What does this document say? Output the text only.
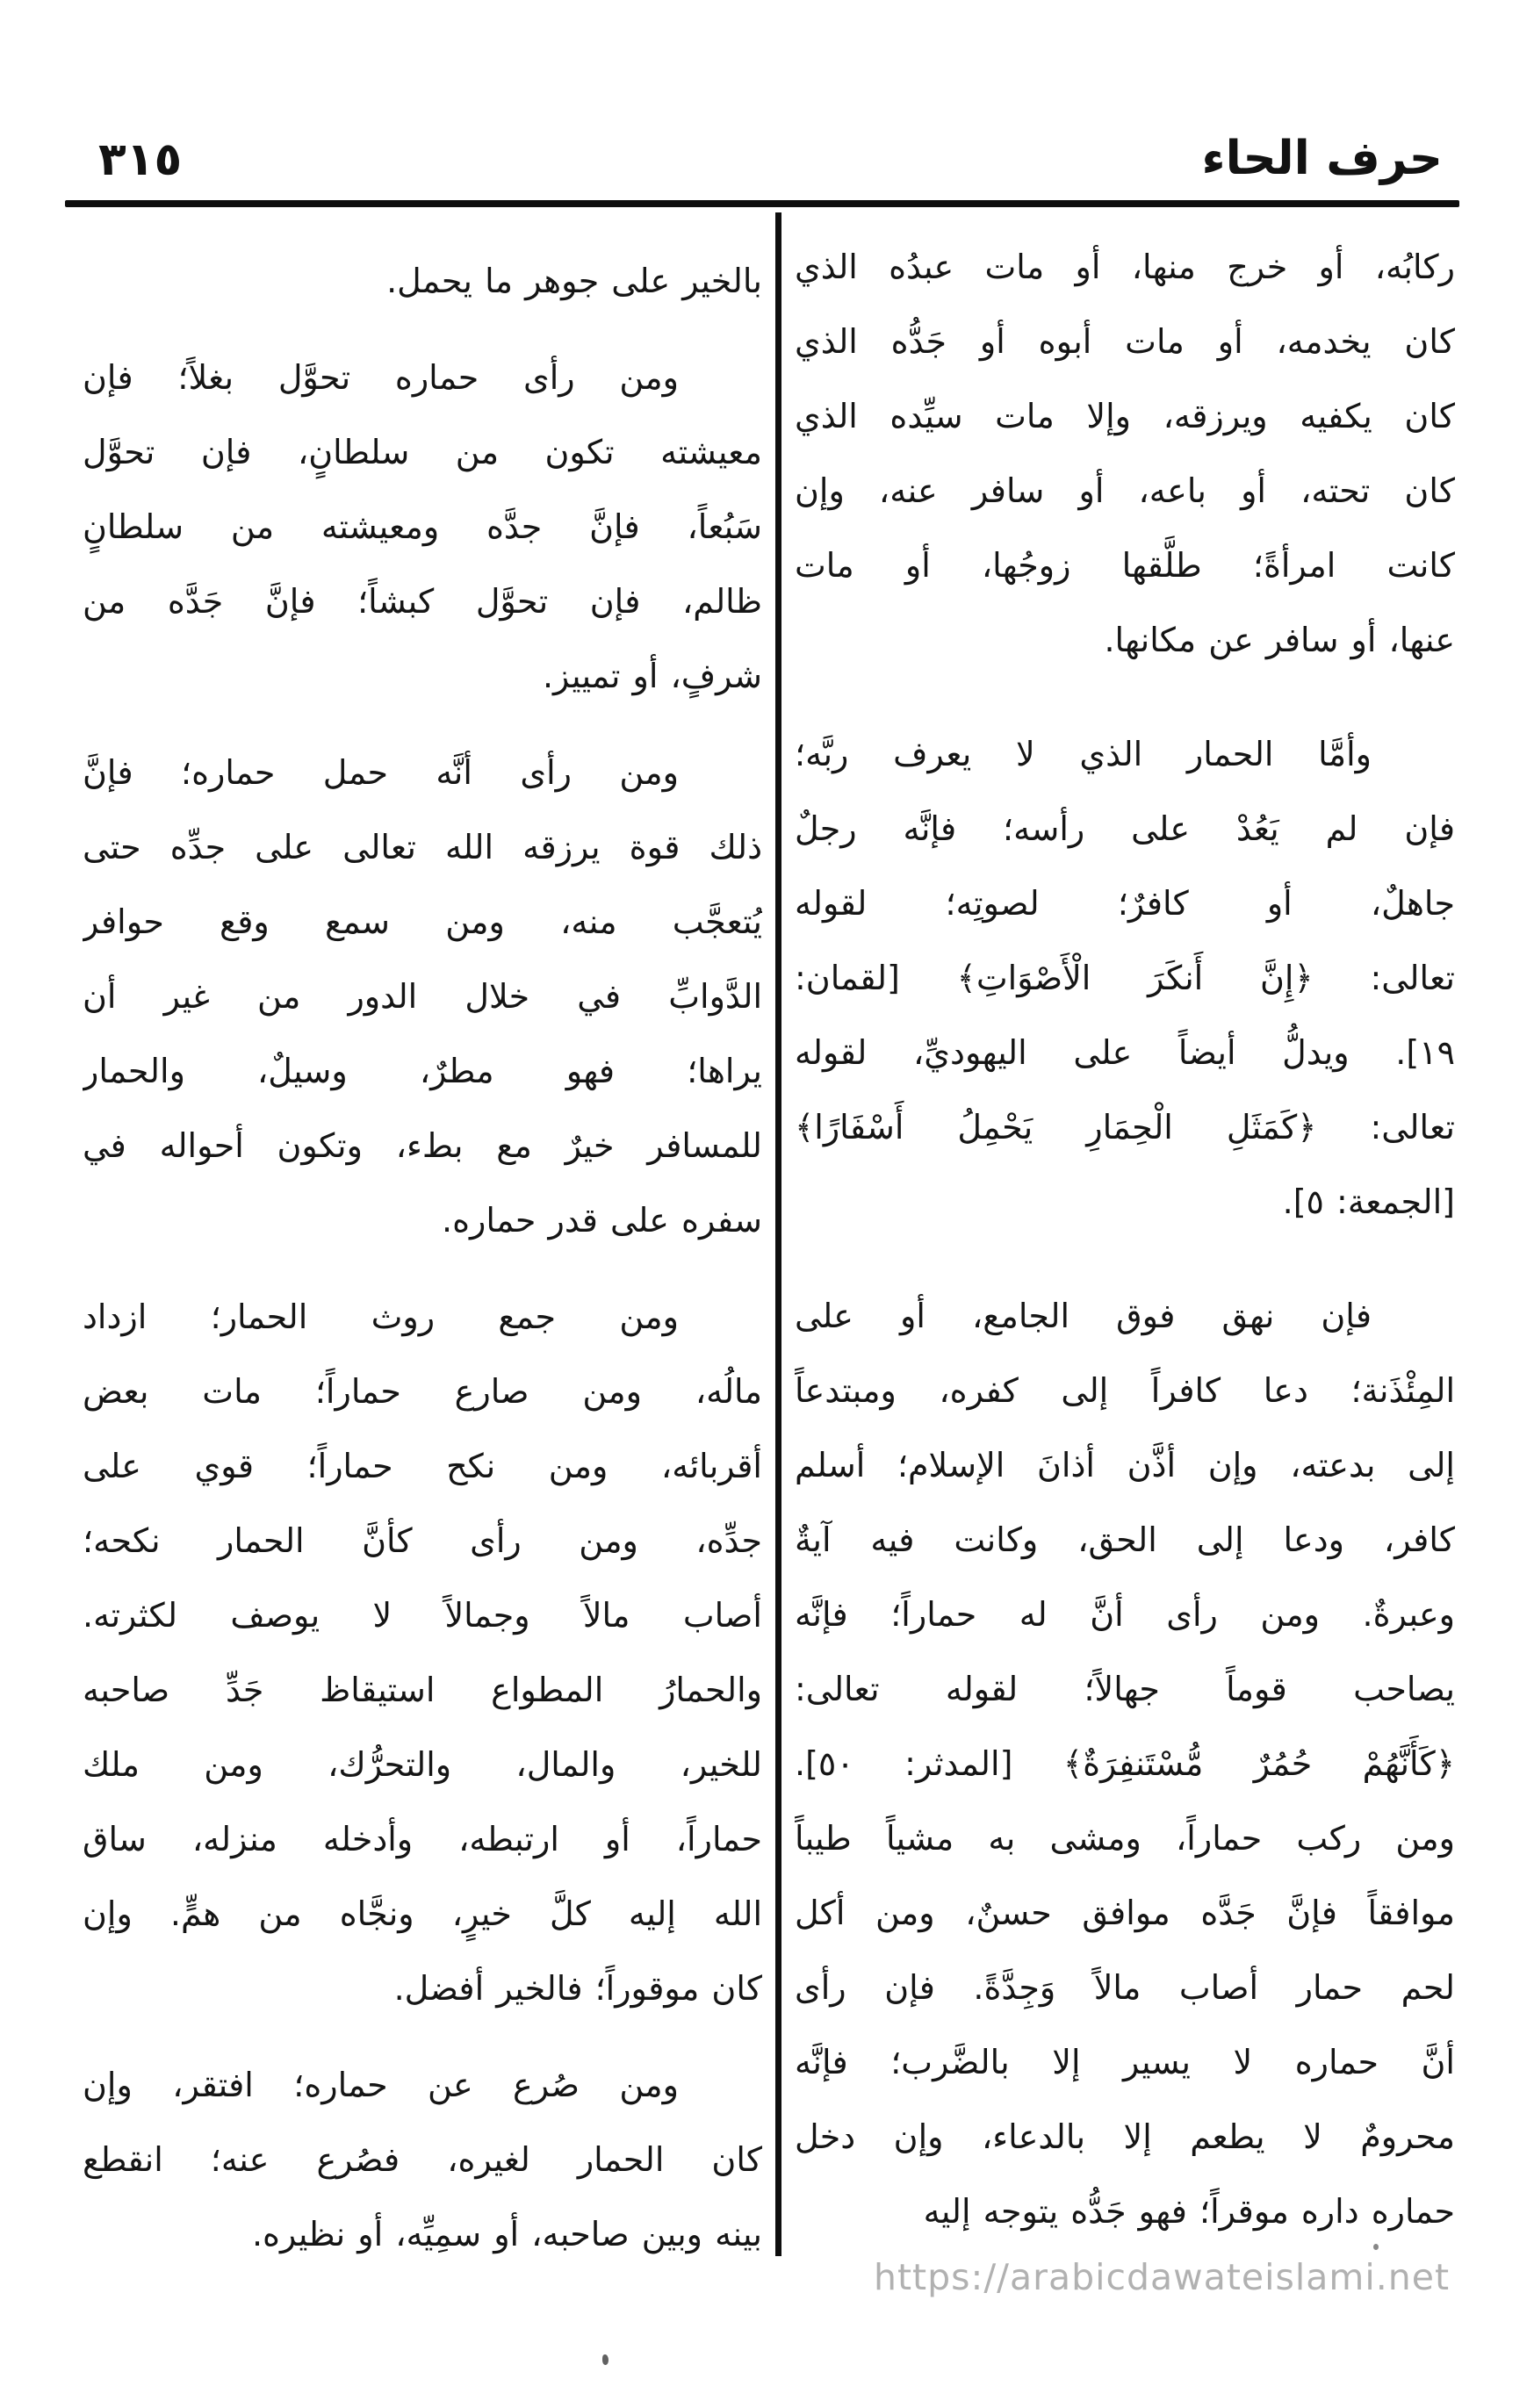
٣١٥	حرف الحاء
ركابُه، أو خرج منها، أو مات عبدُه الذي
كان يخدمه، أو مات أبوه أو جَدُّه الذي
كان يكفيه ويرزقه، وإلا مات سيِّده الذي
كان تحته، أو باعه، أو سافر عنه، وإن
كانت امرأةً؛ طلَّقها زوجُها، أو مات
عنها، أو سافر عن مكانها.
وأمَّا الحمار الذي لا يعرف ربَّه؛
فإن لم يَعُدْ على رأسه؛ فإنَّه رجلٌ
جاهلٌ، أو كافرٌ؛ لصوتِه؛ لقوله
تعالى: ﴿إِنَّ أَنكَرَ الْأَصْوَاتِ﴾ [لقمان:
١٩]. ويدلُّ أيضاً على اليهوديِّ، لقوله
تعالى: ﴿كَمَثَلِ الْحِمَارِ يَحْمِلُ أَسْفَارًا﴾
[الجمعة: ٥].
فإن نهق فوق الجامع، أو على
المِئْذَنة؛ دعا كافراً إلى كفره، ومبتدعاً
إلى بدعته، وإن أذَّن أذانَ الإسلام؛ أسلم
كافر، ودعا إلى الحق، وكانت فيه آيةٌ
وعبرةٌ. ومن رأى أنَّ له حماراً؛ فإنَّه
يصاحب قوماً جهالاً؛ لقوله تعالى:
﴿كَأَنَّهُمْ حُمُرٌ مُّسْتَنفِرَةٌ﴾ [المدثر: ٥٠].
ومن ركب حماراً، ومشى به مشياً طيباً
موافقاً فإنَّ جَدَّه موافق حسنٌ، ومن أكل
لحم حمار أصاب مالاً وَجِدَّةً. فإن رأى
أنَّ حماره لا يسير إلا بالضَّرب؛ فإنَّه
محرومٌ لا يطعم إلا بالدعاء، وإن دخل
حماره داره موقراً؛ فهو جَدُّه يتوجه إليه
بالخير على جوهر ما يحمل.
ومن رأى حماره تحوَّل بغلاً؛ فإن
معيشته تكون من سلطانٍ، فإن تحوَّل
سَبُعاً، فإنَّ جدَّه ومعيشته من سلطانٍ
ظالم، فإن تحوَّل كبشاً؛ فإنَّ جَدَّه من
شرفٍ، أو تمييز.
ومن رأى أنَّه حمل حماره؛ فإنَّ
ذلك قوة يرزقه الله تعالى على جدِّه حتى
يُتعجَّب منه، ومن سمع وقع حوافر
الدَّوابِّ في خلال الدور من غير أن
يراها؛ فهو مطرٌ، وسيلٌ، والحمار
للمسافر خيرٌ مع بطء، وتكون أحواله في
سفره على قدر حماره.
ومن جمع روث الحمار؛ ازداد
مالُه، ومن صارع حماراً؛ مات بعض
أقربائه، ومن نكح حماراً؛ قوي على
جدِّه، ومن رأى كأنَّ الحمار نكحه؛
أصاب مالاً وجمالاً لا يوصف لكثرته.
والحمارُ المطواع استيقاظ جَدِّ صاحبه
للخير، والمال، والتحرُّك، ومن ملك
حماراً، أو ارتبطه، وأدخله منزله، ساق
الله إليه كلَّ خيرٍ، ونجَّاه من همٍّ. وإن
كان موقوراً؛ فالخير أفضل.
ومن صُرع عن حماره؛ افتقر، وإن
كان الحمار لغيره، فصُرع عنه؛ انقطع
بينه وبين صاحبه، أو سمِيِّه، أو نظيره.
https://arabicdawateislami.net
